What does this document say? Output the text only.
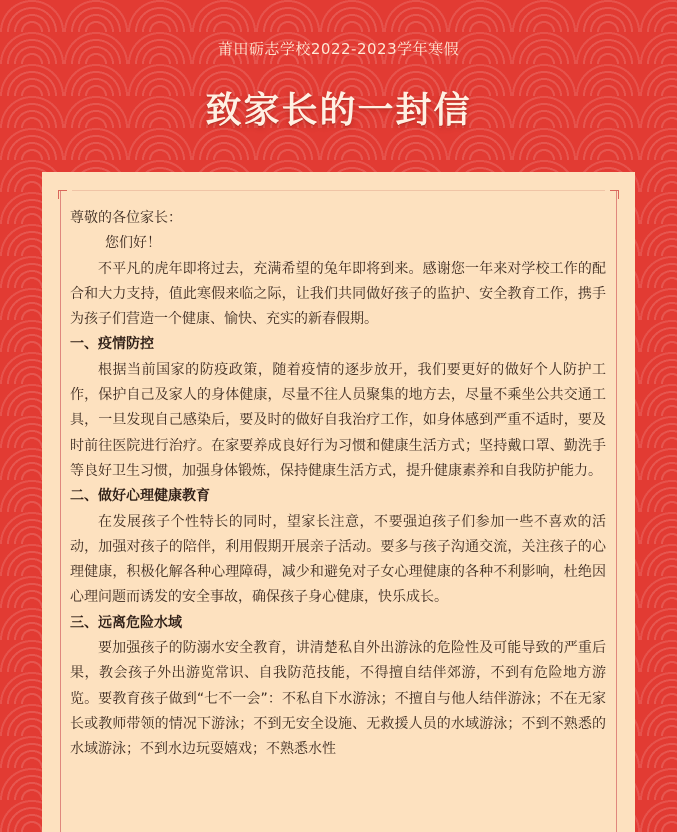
莆田砺志学校2022-2023学年寒假
致家长的一封信

尊敬的各位家长：

您们好！

不平凡的虎年即将过去，充满希望的兔年即将到来。感谢您一年来对学校工作的配合和大力支持，值此寒假来临之际，让我们共同做好孩子的监护、安全教育工作，携手为孩子们营造一个健康、愉快、充实的新春假期。

一、疫情防控

根据当前国家的防疫政策，随着疫情的逐步放开，我们要更好的做好个人防护工作，保护自己及家人的身体健康，尽量不往人员聚集的地方去，尽量不乘坐公共交通工具，一旦发现自己感染后，要及时的做好自我治疗工作，如身体感到严重不适时，要及时前往医院进行治疗。在家要养成良好行为习惯和健康生活方式；坚持戴口罩、勤洗手等良好卫生习惯，加强身体锻炼，保持健康生活方式，提升健康素养和自我防护能力。

二、做好心理健康教育

在发展孩子个性特长的同时，望家长注意，不要强迫孩子们参加一些不喜欢的活动，加强对孩子的陪伴，利用假期开展亲子活动。要多与孩子沟通交流，关注孩子的心理健康，积极化解各种心理障碍，减少和避免对子女心理健康的各种不利影响，杜绝因心理问题而诱发的安全事故，确保孩子身心健康，快乐成长。

三、远离危险水域

要加强孩子的防溺水安全教育，讲清楚私自外出游泳的危险性及可能导致的严重后果，教会孩子外出游览常识、自我防范技能，不得擅自结伴郊游，不到有危险地方游览。要教育孩子做到“七不一会”：不私自下水游泳；不擅自与他人结伴游泳；不在无家长或教师带领的情况下游泳；不到无安全设施、无救援人员的水域游泳；不到不熟悉的水域游泳；不到水边玩耍嬉戏；不熟悉水性
